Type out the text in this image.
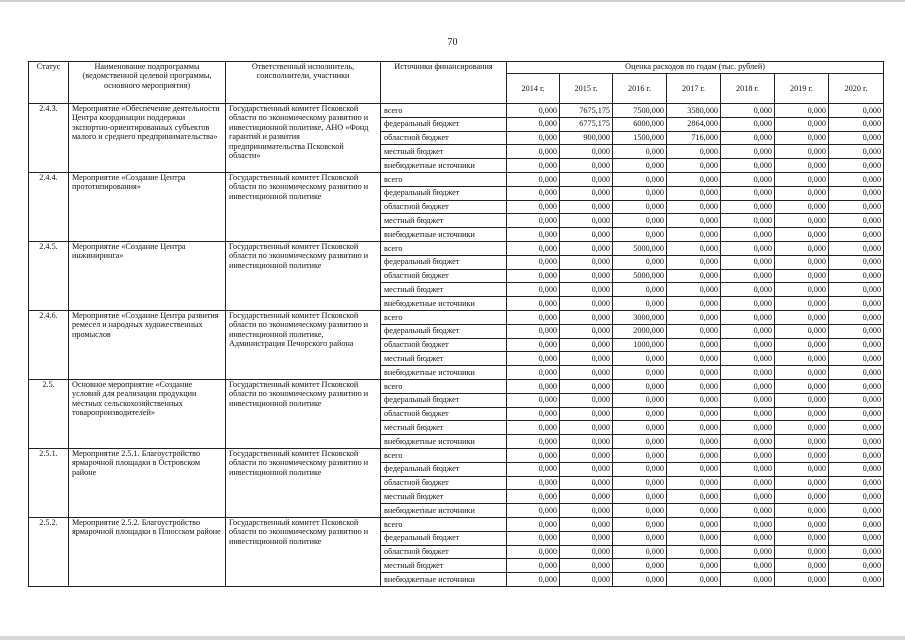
70
Статус	Наименование подпрограммы (ведомственной целевой программы, основного мероприятия)	Ответственный исполнитель, соисполнители, участники	Источники финансирования	Оценка расходов по годам (тыс. рублей)						
				2014 г.	2015 г.	2016 г.	2017 г.	2018 г.	2019 г.	2020 г.
2.4.3.	Мероприятие «Обеспечение деятельности Центра координации поддержки экспортно-ориентированных субъектов малого и среднего предпринимательства»	Государственный комитет Псковской области по экономическому развитию и инвестиционной политике, АНО «Фонд гарантий и развития предпринимательства Псковской области»	всего	0,000	7675,175	7500,000	3580,000	0,000	0,000	0,000
			федеральный бюджет	0,000	6775,175	6000,000	2864,000	0,000	0,000	0,000
			областной бюджет	0,000	900,000	1500,000	716,000	0,000	0,000	0,000
			местный бюджет	0,000	0,000	0,000	0,000	0,000	0,000	0,000
			внебюджетные источники	0,000	0,000	0,000	0,000	0,000	0,000	0,000
2.4.4.	Мероприятие «Создание Центра прототипирования»	Государственный комитет Псковской области по экономическому развитию и инвестиционной политике	всего	0,000	0,000	0,000	0,000	0,000	0,000	0,000
			федеральный бюджет	0,000	0,000	0,000	0,000	0,000	0,000	0,000
			областной бюджет	0,000	0,000	0,000	0,000	0,000	0,000	0,000
			местный бюджет	0,000	0,000	0,000	0,000	0,000	0,000	0,000
			внебюджетные источники	0,000	0,000	0,000	0,000	0,000	0,000	0,000
2.4.5.	Мероприятие «Создание Центра инжиниринга»	Государственный комитет Псковской области по экономическому развитию и инвестиционной политике	всего	0,000	0,000	5000,000	0,000	0,000	0,000	0,000
			федеральный бюджет	0,000	0,000	0,000	0,000	0,000	0,000	0,000
			областной бюджет	0,000	0,000	5000,000	0,000	0,000	0,000	0,000
			местный бюджет	0,000	0,000	0,000	0,000	0,000	0,000	0,000
			внебюджетные источники	0,000	0,000	0,000	0,000	0,000	0,000	0,000
2.4.6.	Мероприятие «Создание Центра развития ремесел и народных художественных промыслов	Государственный комитет Псковской области по экономическому развитию и инвестиционной политике, Администрация Печорского района	всего	0,000	0,000	3000,000	0,000	0,000	0,000	0,000
			федеральный бюджет	0,000	0,000	2000,000	0,000	0,000	0,000	0,000
			областной бюджет	0,000	0,000	1000,000	0,000	0,000	0,000	0,000
			местный бюджет	0,000	0,000	0,000	0,000	0,000	0,000	0,000
			внебюджетные источники	0,000	0,000	0,000	0,000	0,000	0,000	0,000
2.5.	Основное мероприятие «Создание условий для реализации продукции местных сельскохозяйственных товаропроизводителей»	Государственный комитет Псковской области по экономическому развитию и инвестиционной политике	всего	0,000	0,000	0,000	0,000	0,000	0,000	0,000
			федеральный бюджет	0,000	0,000	0,000	0,000	0,000	0,000	0,000
			областной бюджет	0,000	0,000	0,000	0,000	0,000	0,000	0,000
			местный бюджет	0,000	0,000	0,000	0,000	0,000	0,000	0,000
			внебюджетные источники	0,000	0,000	0,000	0,000	0,000	0,000	0,000
2.5.1.	Мероприятие 2.5.1. Благоустройство ярмарочной площадки в Островском районе	Государственный комитет Псковской области по экономическому развитию и инвестиционной политике	всего	0,000	0,000	0,000	0,000	0,000	0,000	0,000
			федеральный бюджет	0,000	0,000	0,000	0,000	0,000	0,000	0,000
			областной бюджет	0,000	0,000	0,000	0,000	0,000	0,000	0,000
			местный бюджет	0,000	0,000	0,000	0,000	0,000	0,000	0,000
			внебюджетные источники	0,000	0,000	0,000	0,000	0,000	0,000	0,000
2.5.2.	Мероприятие 2.5.2. Благоустройство ярмарочной площадки в Плюсском районе	Государственный комитет Псковской области по экономическому развитию и инвестиционной политике	всего	0,000	0,000	0,000	0,000	0,000	0,000	0,000
			федеральный бюджет	0,000	0,000	0,000	0,000	0,000	0,000	0,000
			областной бюджет	0,000	0,000	0,000	0,000	0,000	0,000	0,000
			местный бюджет	0,000	0,000	0,000	0,000	0,000	0,000	0,000
			внебюджетные источники	0,000	0,000	0,000	0,000	0,000	0,000	0,000
